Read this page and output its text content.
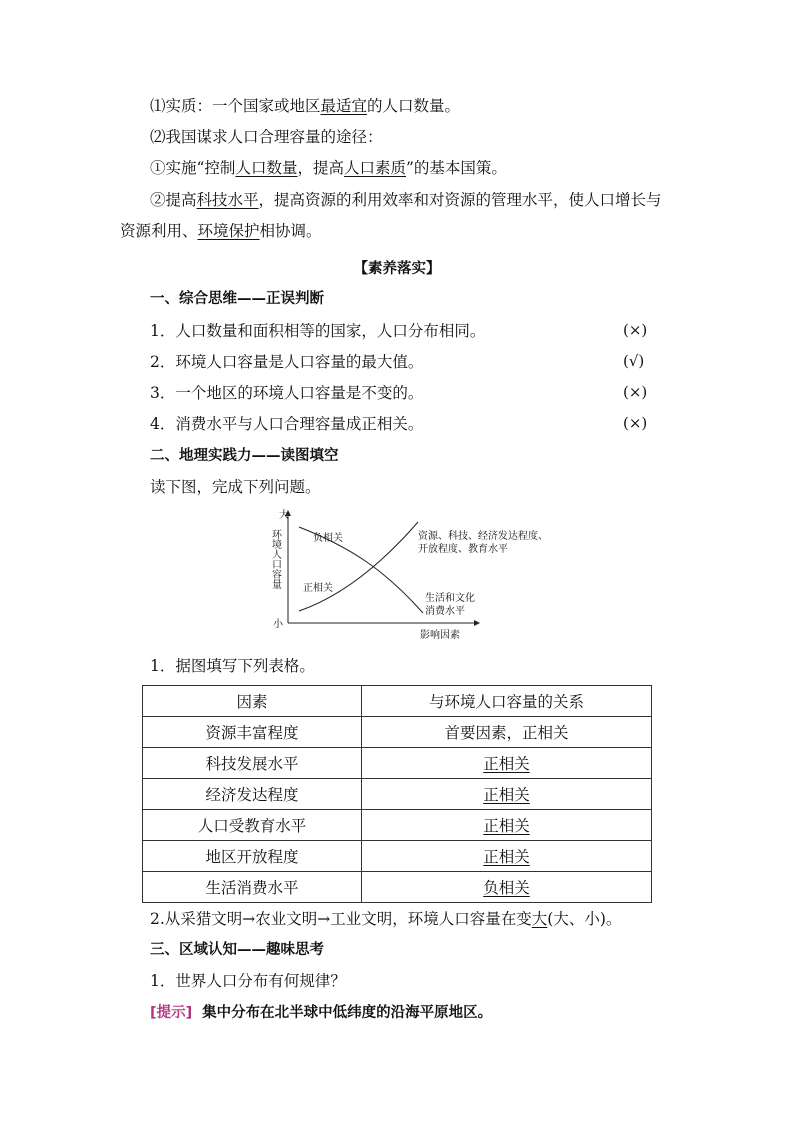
⑴实质：一个国家或地区最适宜的人口数量。
⑵我国谋求人口合理容量的途径：
①实施“控制人口数量，提高人口素质”的基本国策。
②提高科技水平，提高资源的利用效率和对资源的管理水平，使人口增长与
资源利用、环境保护相协调。
【素养落实】
一、综合思维——正误判断
1．人口数量和面积相等的国家，人口分布相同。	(×)
2．环境人口容量是人口容量的最大值。	(√)
3．一个地区的环境人口容量是不变的。	(×)
4．消费水平与人口合理容量成正相关。	(×)
二、地理实践力——读图填空
读下图，完成下列问题。
大
小
环境人口容量
影响因素
负相关
正相关
资源、科技、经济发达程度、
开放程度、教育水平
生活和文化
消费水平
1．据图填写下列表格。
因素	与环境人口容量的关系
资源丰富程度	首要因素，正相关
科技发展水平	正相关
经济发达程度	正相关
人口受教育水平	正相关
地区开放程度	正相关
生活消费水平	负相关
2.从采猎文明→农业文明→工业文明，环境人口容量在变大(大、小)。
三、区域认知——趣味思考
1．世界人口分布有何规律？
[提示] 集中分布在北半球中低纬度的沿海平原地区。
